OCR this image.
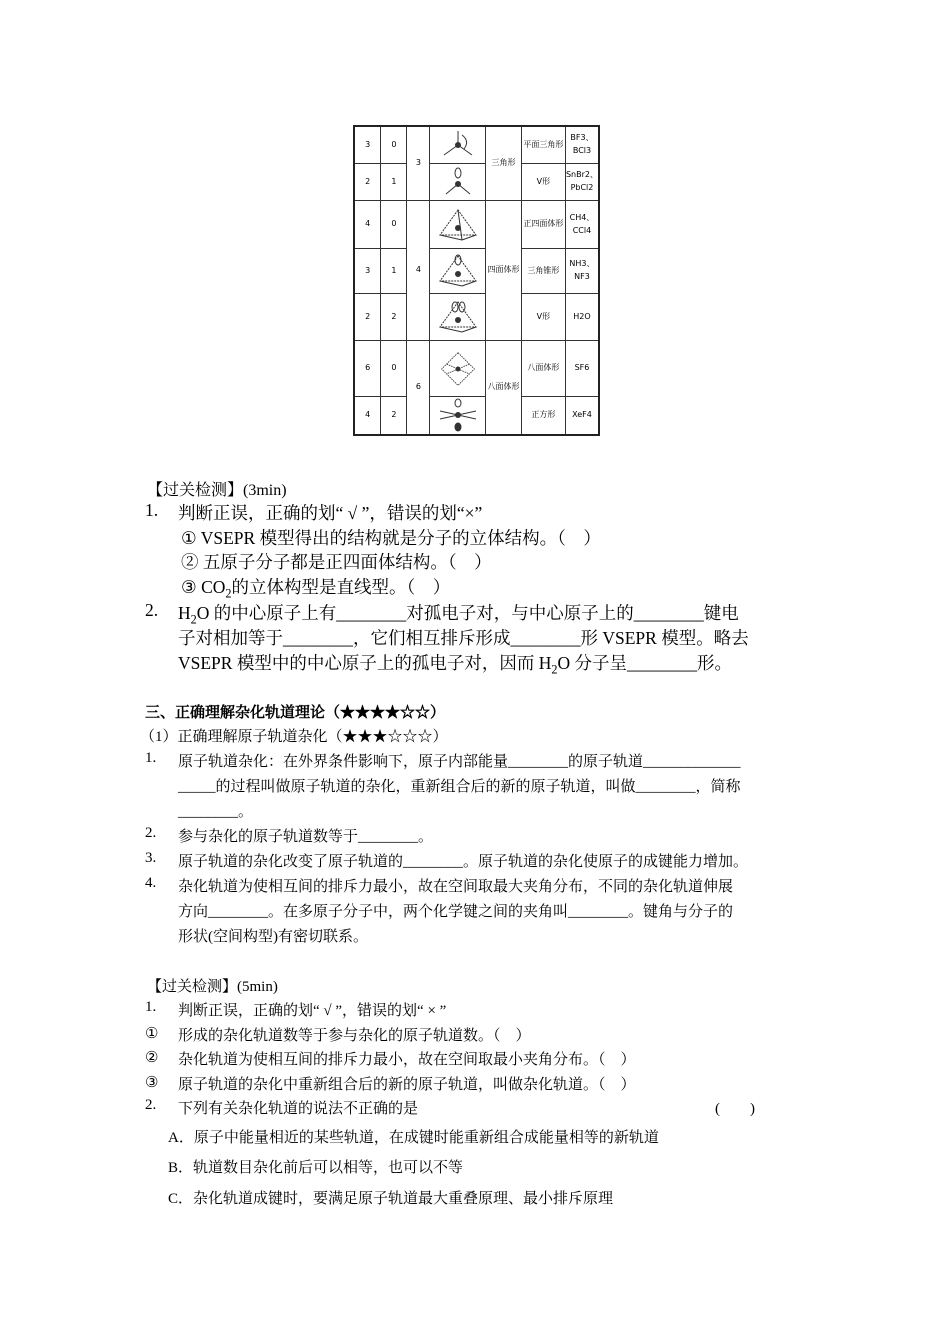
3	0	3		三角形	平面三角形	BF3、BCl3
2	1				V形	SnBr2、PbCl2
4	0	4		四面体形	正四面体形	CH4、CCl4
3	1				三角锥形	NH3、NF3
2	2				V形	H2O
6	0	6		八面体形	八面体形	SF6
4	2				正方形	XeF4
【过关检测】(3min)
1. 判断正误，正确的划“ √ ”，错误的划“×”
① VSEPR 模型得出的结构就是分子的立体结构。（　）
② 五原子分子都是正四面体结构。（　）
③ $CO_2$的立体构型是直线型。（　）
2. $H_2O$ 的中心原子上有________对孤电子对，与中心原子上的________键电
子对相加等于________，它们相互排斥形成________形 VSEPR 模型。略去
VSEPR 模型中的中心原子上的孤电子对，因而 $H_2O$ 分子呈________形。
三、正确理解杂化轨道理论（★★★★☆☆）
（1）正确理解原子轨道杂化（★★★☆☆☆）
1. 原子轨道杂化：在外界条件影响下，原子内部能量________的原子轨道_____________
_____的过程叫做原子轨道的杂化，重新组合后的新的原子轨道，叫做________，简称
________。
2. 参与杂化的原子轨道数等于________。
3. 原子轨道的杂化改变了原子轨道的________。原子轨道的杂化使原子的成键能力增加。
4. 杂化轨道为使相互间的排斥力最小，故在空间取最大夹角分布，不同的杂化轨道伸展
方向________。在多原子分子中，两个化学键之间的夹角叫________。键角与分子的
形状(空间构型)有密切联系。
【过关检测】(5min)
1. 判断正误，正确的划“ √ ”，错误的划“ × ”
① 形成的杂化轨道数等于参与杂化的原子轨道数。（　）
② 杂化轨道为使相互间的排斥力最小，故在空间取最小夹角分布。（　）
③ 原子轨道的杂化中重新组合后的新的原子轨道，叫做杂化轨道。（　）
2. 下列有关杂化轨道的说法不正确的是	(　　)
A．原子中能量相近的某些轨道，在成键时能重新组合成能量相等的新轨道
B．轨道数目杂化前后可以相等，也可以不等
C．杂化轨道成键时，要满足原子轨道最大重叠原理、最小排斥原理
